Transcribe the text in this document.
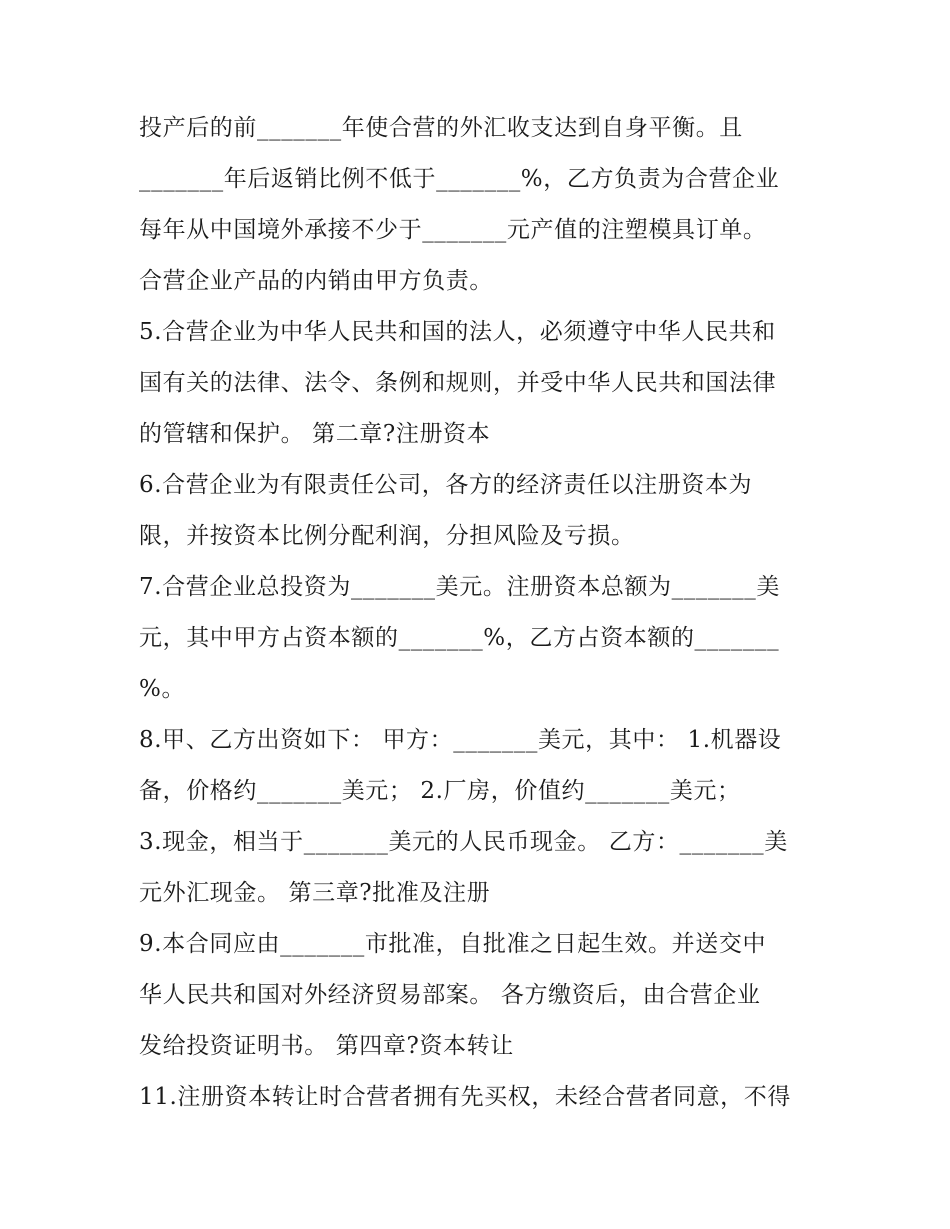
投产后的前_______年使合营的外汇收支达到自身平衡。且

_______年后返销比例不低于_______%，乙方负责为合营企业

每年从中国境外承接不少于_______元产值的注塑模具订单。

合营企业产品的内销由甲方负责。

5.合营企业为中华人民共和国的法人，必须遵守中华人民共和

国有关的法律、法令、条例和规则，并受中华人民共和国法律

的管辖和保护。 第二章?注册资本

6.合营企业为有限责任公司，各方的经济责任以注册资本为

限，并按资本比例分配利润，分担风险及亏损。

7.合营企业总投资为_______美元。注册资本总额为_______美

元，其中甲方占资本额的_______%，乙方占资本额的_______

%。

8.甲、乙方出资如下： 甲方：_______美元，其中： 1.机器设

备，价格约_______美元； 2.厂房，价值约_______美元；

3.现金，相当于_______美元的人民币现金。 乙方：_______美

元外汇现金。 第三章?批准及注册

9.本合同应由_______市批准，自批准之日起生效。并送交中

华人民共和国对外经济贸易部案。 各方缴资后，由合营企业

发给投资证明书。 第四章?资本转让

11.注册资本转让时合营者拥有先买权，未经合营者同意，不得
